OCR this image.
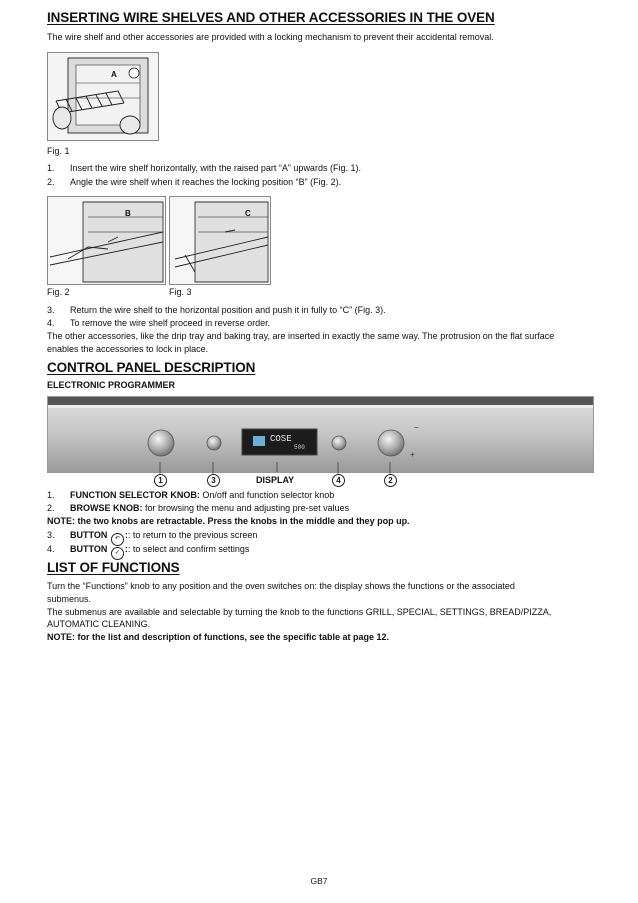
INSERTING WIRE SHELVES AND OTHER ACCESSORIES IN THE OVEN
The wire shelf and other accessories are provided with a locking mechanism to prevent their accidental removal.
A
Fig. 1
1. Insert the wire shelf horizontally, with the raised part “A” upwards (Fig. 1).
2. Angle the wire shelf when it reaches the locking position “B” (Fig. 2).
B
Fig. 2
C
Fig. 3
3. Return the wire shelf to the horizontal position and push it in fully to “C” (Fig. 3).
4. To remove the wire shelf proceed in reverse order.
The other accessories, like the drip tray and baking tray, are inserted in exactly the same way. The protrusion on the flat surface
enables the accessories to lock in place.
CONTROL PANEL DESCRIPTION
ELECTRONIC PROGRAMMER
−
+
COSE
500
1	3	DISPLAY	4	2
1. FUNCTION SELECTOR KNOB: On/off and function selector knob
2. BROWSE KNOB: for browsing the menu and adjusting pre-set values
NOTE: the two knobs are retractable. Press the knobs in the middle and they pop up.
3. BUTTON ↶ :: to return to the previous screen
4. BUTTON ✓ :: to select and confirm settings
LIST OF FUNCTIONS
Turn the “Functions” knob to any position and the oven switches on: the display shows the functions or the associated
submenus.
The submenus are available and selectable by turning the knob to the functions GRILL, SPECIAL, SETTINGS, BREAD/PIZZA,
AUTOMATIC CLEANING.
NOTE: for the list and description of functions, see the specific table at page 12.
GB7
